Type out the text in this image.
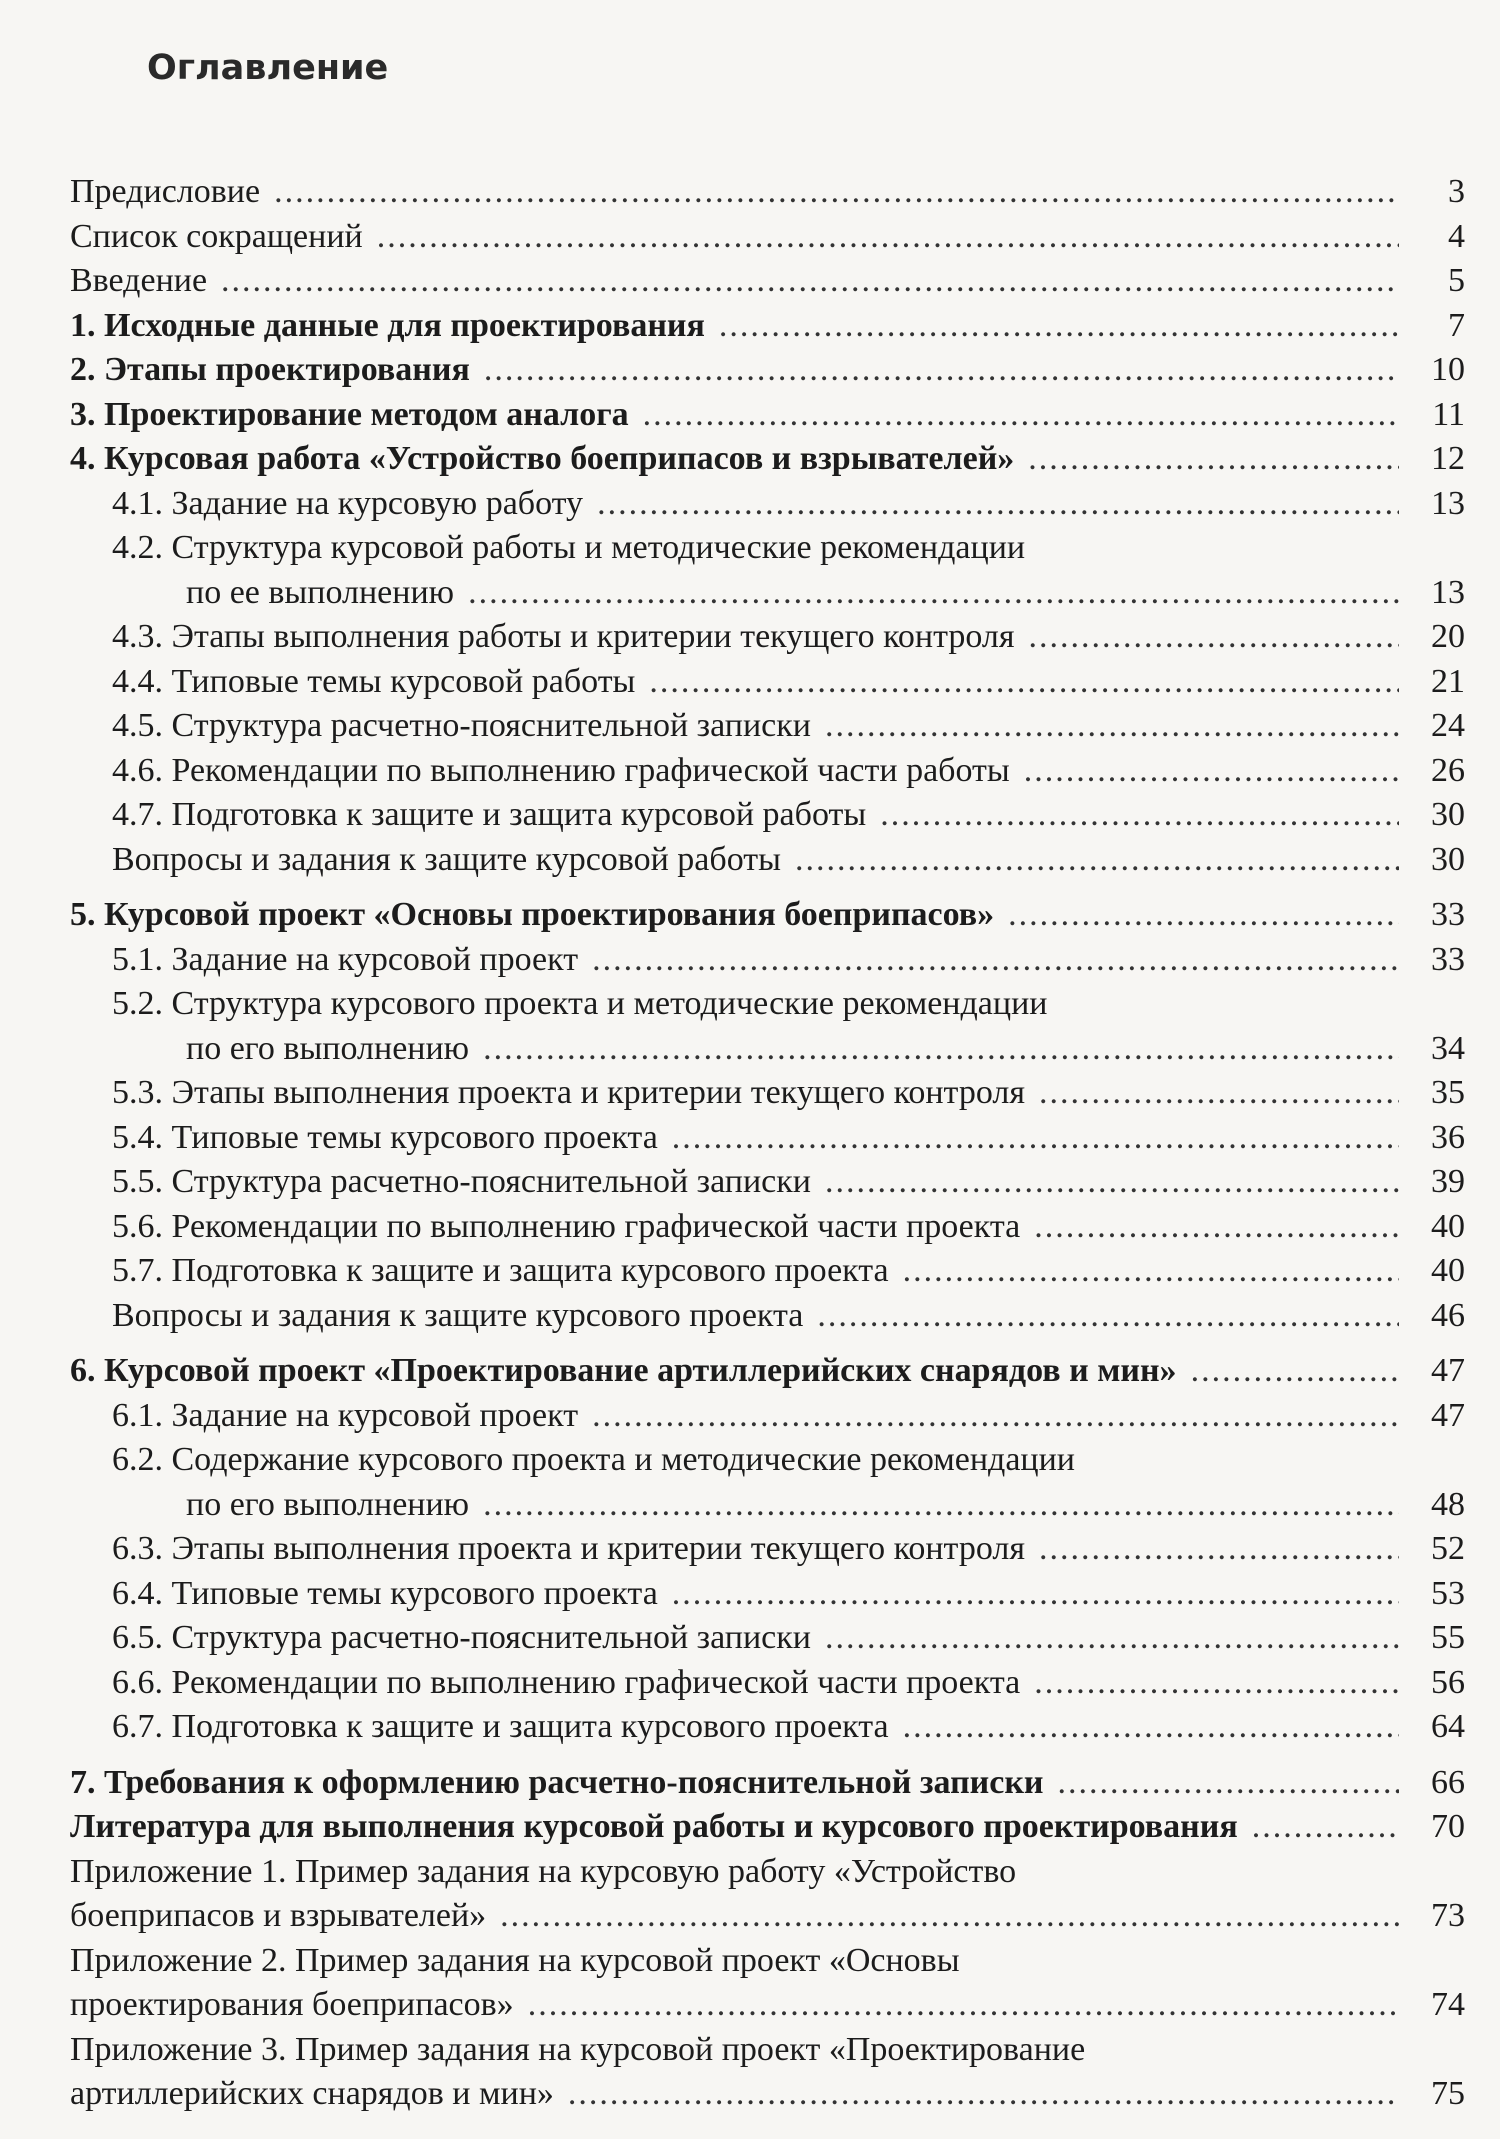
Оглавление
Предисловие .....	3
Список сокращений .....	4
Введение .....	5
1. Исходные данные для проектирования .....	7
2. Этапы проектирования .....	10
3. Проектирование методом аналога .....	11
4. Курсовая работа «Устройство боеприпасов и взрывателей» .....	12
4.1. Задание на курсовую работу .....	13
4.2. Структура курсовой работы и методические рекомендации
по ее выполнению .....	13
4.3. Этапы выполнения работы и критерии текущего контроля .....	20
4.4. Типовые темы курсовой работы .....	21
4.5. Структура расчетно-пояснительной записки .....	24
4.6. Рекомендации по выполнению графической части работы .....	26
4.7. Подготовка к защите и защита курсовой работы .....	30
Вопросы и задания к защите курсовой работы .....	30
5. Курсовой проект «Основы проектирования боеприпасов» .....	33
5.1. Задание на курсовой проект .....	33
5.2. Структура курсового проекта и методические рекомендации
по его выполнению .....	34
5.3. Этапы выполнения проекта и критерии текущего контроля .....	35
5.4. Типовые темы курсового проекта .....	36
5.5. Структура расчетно-пояснительной записки .....	39
5.6. Рекомендации по выполнению графической части проекта .....	40
5.7. Подготовка к защите и защита курсового проекта .....	40
Вопросы и задания к защите курсового проекта .....	46
6. Курсовой проект «Проектирование артиллерийских снарядов и мин» .....	47
6.1. Задание на курсовой проект .....	47
6.2. Содержание курсового проекта и методические рекомендации
по его выполнению .....	48
6.3. Этапы выполнения проекта и критерии текущего контроля .....	52
6.4. Типовые темы курсового проекта .....	53
6.5. Структура расчетно-пояснительной записки .....	55
6.6. Рекомендации по выполнению графической части проекта .....	56
6.7. Подготовка к защите и защита курсового проекта .....	64
7. Требования к оформлению расчетно-пояснительной записки .....	66
Литература для выполнения курсовой работы и курсового проектирования .....	70
Приложение 1. Пример задания на курсовую работу «Устройство
боеприпасов и взрывателей» .....	73
Приложение 2. Пример задания на курсовой проект «Основы
проектирования боеприпасов» .....	74
Приложение 3. Пример задания на курсовой проект «Проектирование
артиллерийских снарядов и мин» .....	75
